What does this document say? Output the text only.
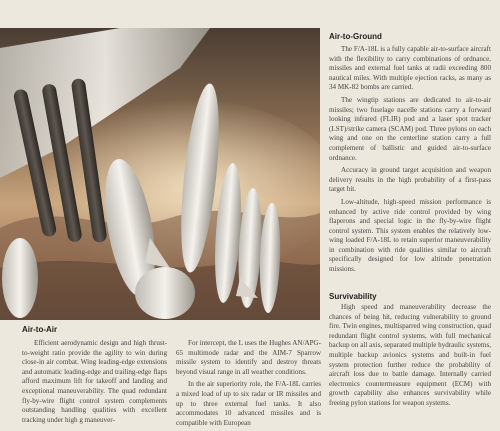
Air-to-Ground

The F/A-18L is a fully capable air-to-surface aircraft with the flexibility to carry combinations of ordnance, missiles and external fuel tanks at radii exceeding 800 nautical miles. With multiple ejection racks, as many as 34 MK-82 bombs are carried.

The wingtip stations are dedicated to air-to-air missiles; two fuselage nacelle stations carry a forward looking infrared (FLIR) pod and a laser spot tracker (LST)/strike camera (SCAM) pod. Three pylons on each wing and one on the centerline station carry a full complement of ballistic and guided air-to-surface ordnance.

Accuracy in ground target acquisition and weapon delivery results in the high probability of a first-pass target hit.

Low-altitude, high-speed mission performance is enhanced by active ride control provided by wing flaperons and special logic in the fly-by-wire flight control system. This system enables the relatively low-wing loaded F/A-18L to retain superior maneuverability in combination with ride qualities similar to aircraft specifically designed for low altitude penetration missions.

Survivability

High speed and maneuverability decrease the chances of being hit, reducing vulnerability to ground fire. Twin engines, multisparred wing construction, quad redundant flight control systems, with full mechanical backup on all axis, separated multiple hydraulic systems, multiple backup avionics systems and built-in fuel system protection further reduce the probability of aircraft loss due to battle damage. Internally carried electronics countermeasure equipment (ECM) with growth capability also enhances survivability while freeing pylon stations for weapon systems.

Air-to-Air

Efficient aerodynamic design and high thrust-to-weight ratio provide the agility to win during close-in air combat. Wing leading-edge extensions and automatic leading-edge and trailing-edge flaps afford maximum lift for takeoff and landing and exceptional maneuverability. The quad redundant fly-by-wire flight control system complements outstanding handling qualities with excellent tracking under high g maneuver-

For intercept, the L uses the Hughes AN/APG-65 multimode radar and the AIM-7 Sparrow missile system to identify and destroy threats beyond visual range in all weather conditions.

In the air superiority role, the F/A-18L carries a mixed load of up to six radar or IR missiles and up to three external fuel tanks. It also accommodates 10 advanced missiles and is compatible with European
